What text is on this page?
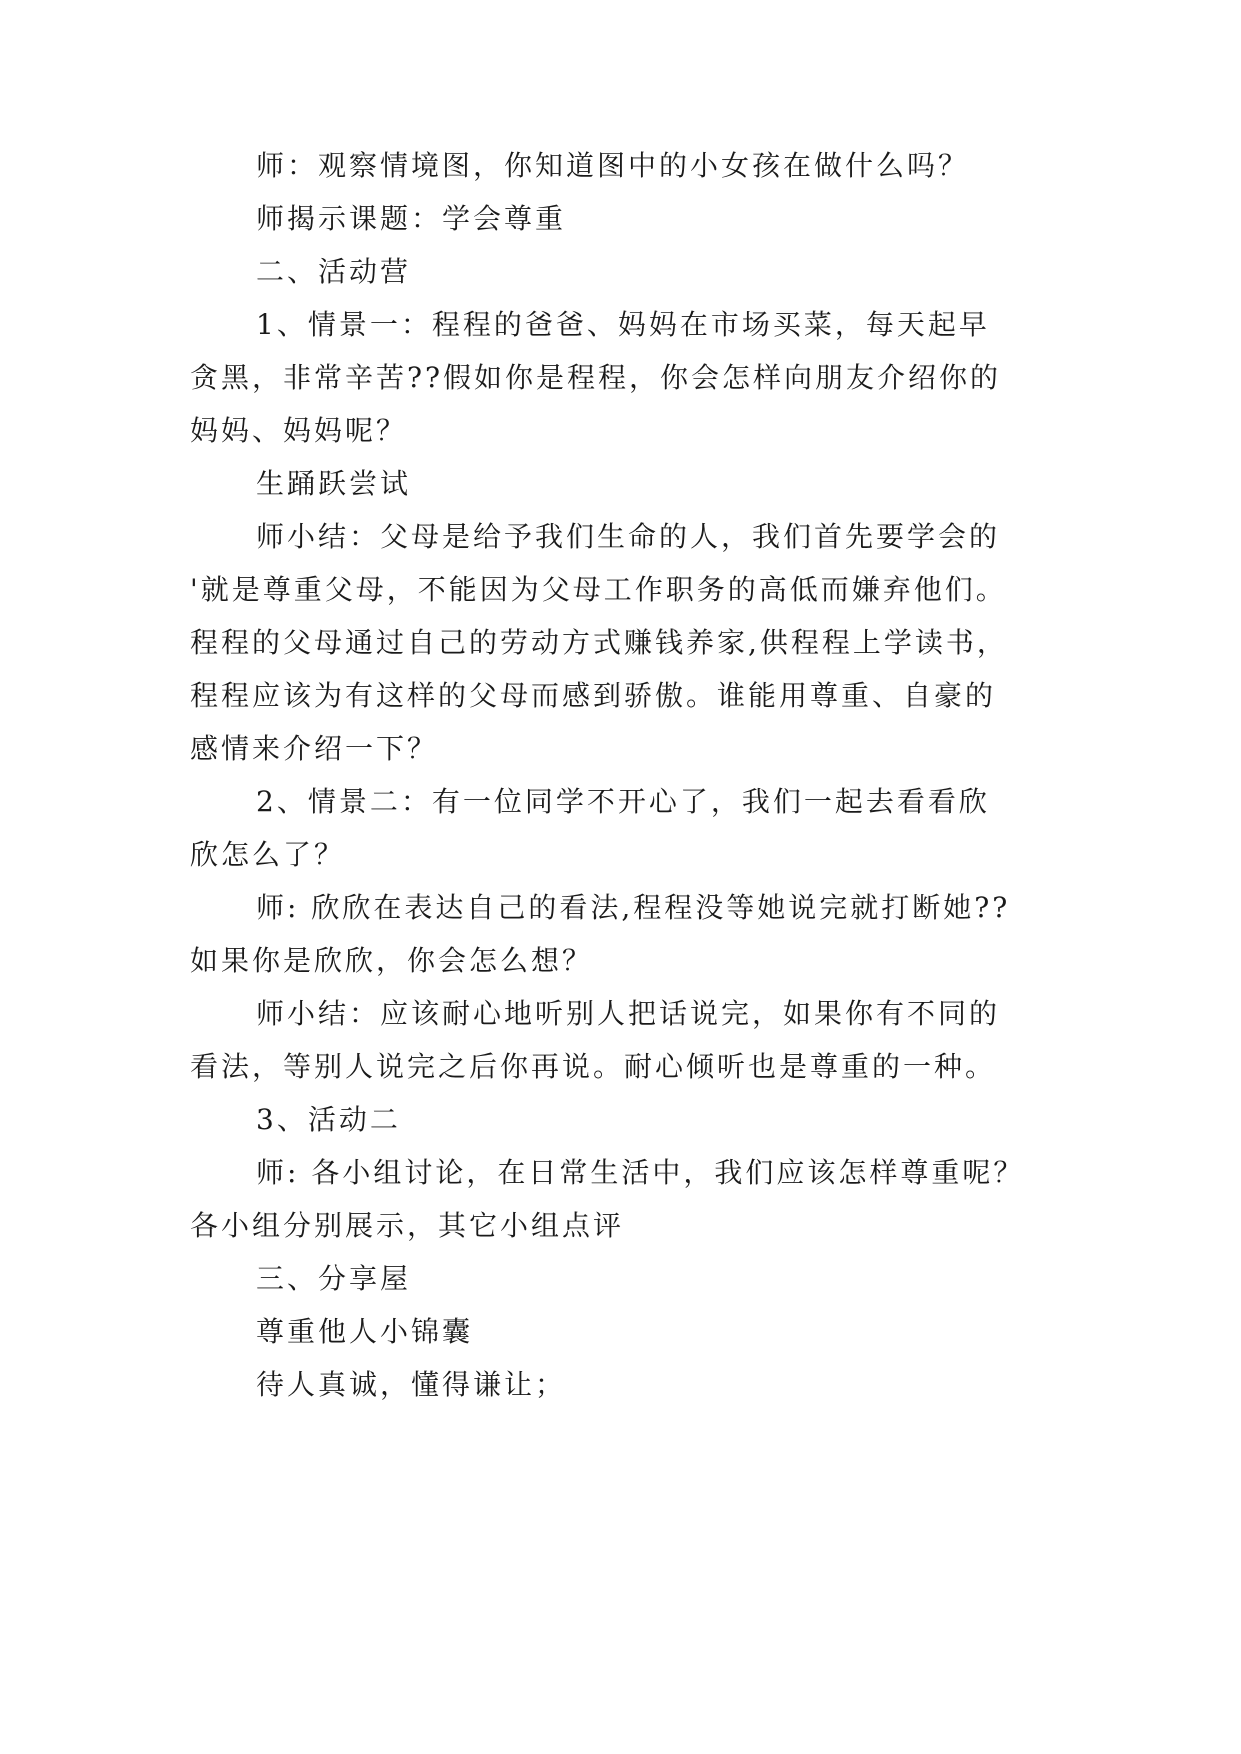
师：观察情境图，你知道图中的小女孩在做什么吗？
师揭示课题：学会尊重
二、活动营
1、情景一：程程的爸爸、妈妈在市场买菜，每天起早
贪黑，非常辛苦??假如你是程程，你会怎样向朋友介绍你的
妈妈、妈妈呢？
生踊跃尝试
师小结：父母是给予我们生命的人，我们首先要学会的
'就是尊重父母，不能因为父母工作职务的高低而嫌弃他们。
程程的父母通过自己的劳动方式赚钱养家,供程程上学读书，
程程应该为有这样的父母而感到骄傲。谁能用尊重、自豪的
感情来介绍一下？
2、情景二：有一位同学不开心了，我们一起去看看欣
欣怎么了？
师: 欣欣在表达自己的看法,程程没等她说完就打断她??
如果你是欣欣，你会怎么想？
师小结：应该耐心地听别人把话说完，如果你有不同的
看法，等别人说完之后你再说。耐心倾听也是尊重的一种。
3、活动二
师: 各小组讨论，在日常生活中，我们应该怎样尊重呢？
各小组分别展示，其它小组点评
三、分享屋
尊重他人小锦囊
待人真诚，懂得谦让；
